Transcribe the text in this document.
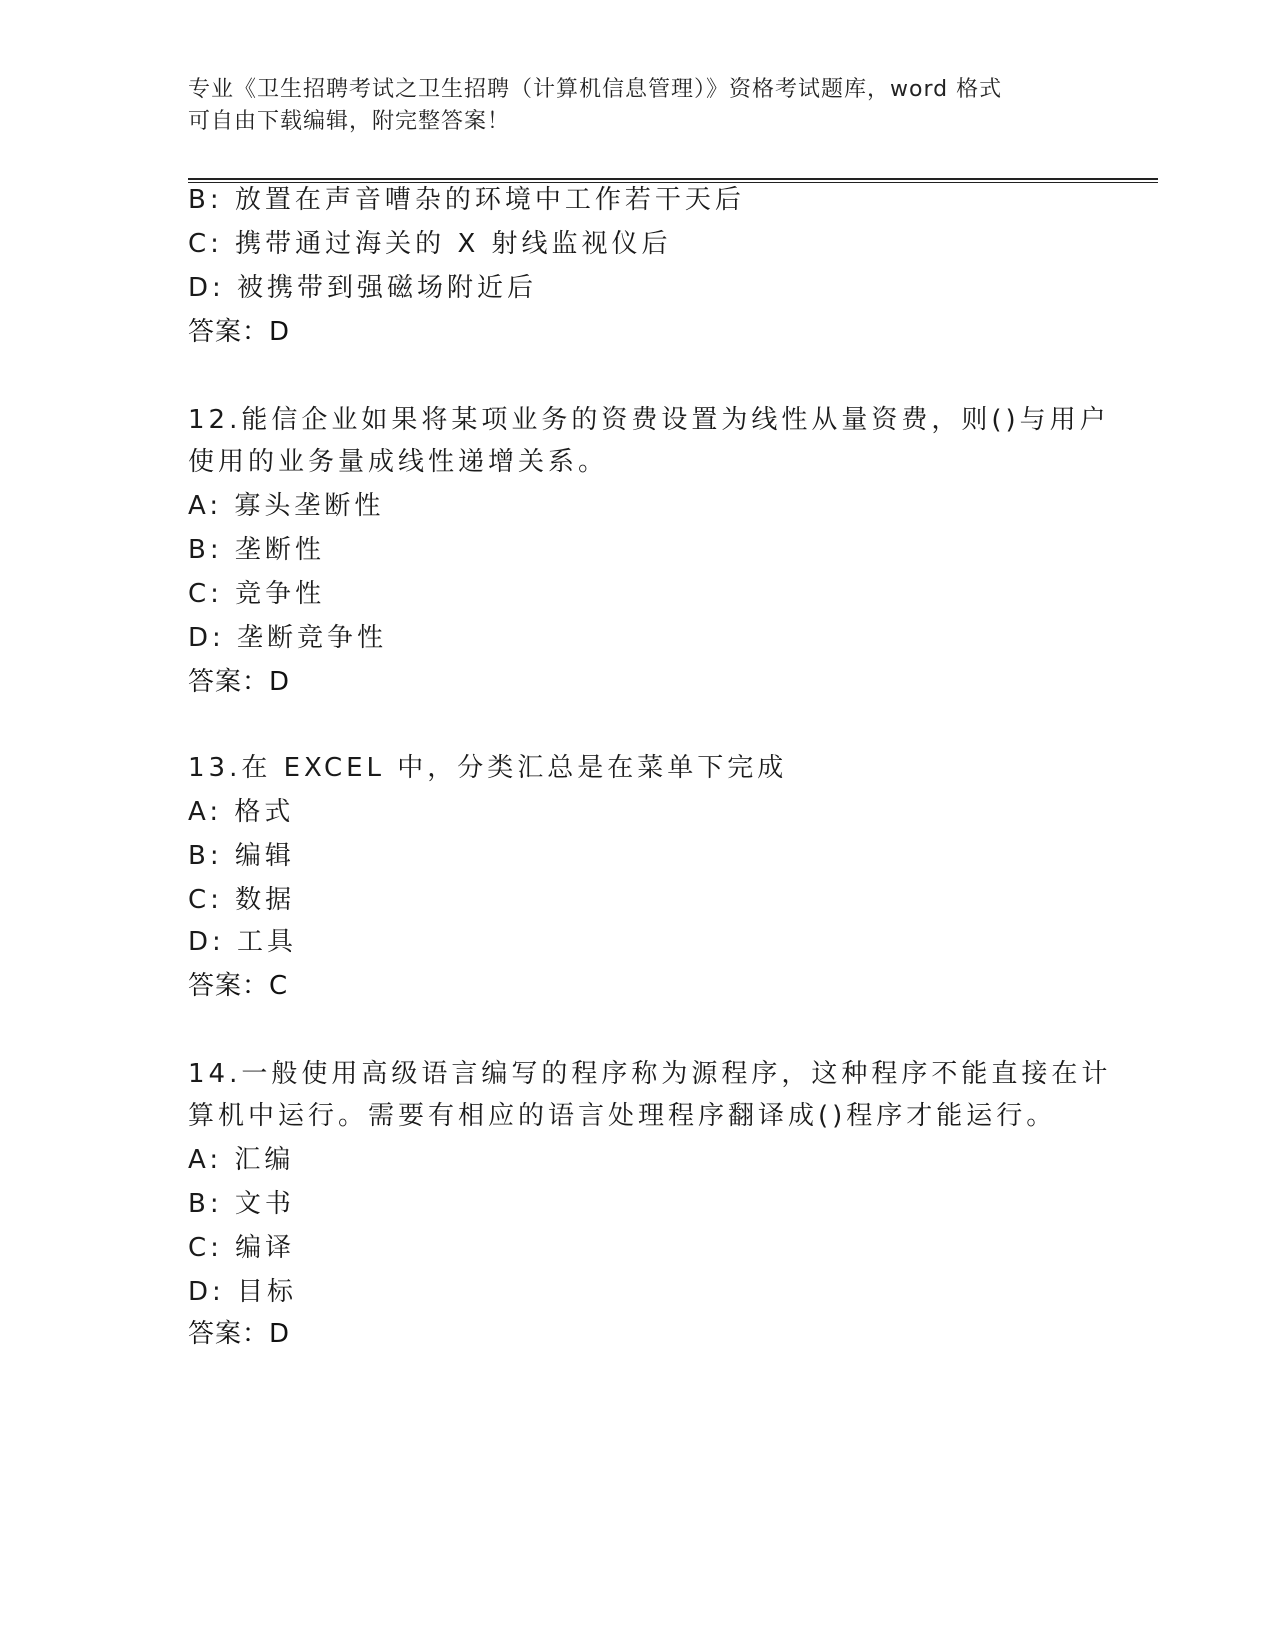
专业《卫生招聘考试之卫生招聘（计算机信息管理）》资格考试题库，word 格式
可自由下载编辑，附完整答案！
B: 放置在声音嘈杂的环境中工作若干天后
C: 携带通过海关的 X 射线监视仪后
D: 被携带到强磁场附近后
答案：D
12.能信企业如果将某项业务的资费设置为线性从量资费，则()与用户
使用的业务量成线性递增关系。
A: 寡头垄断性
B: 垄断性
C: 竞争性
D: 垄断竞争性
答案：D
13.在 EXCEL 中，分类汇总是在菜单下完成
A: 格式
B: 编辑
C: 数据
D: 工具
答案：C
14.一般使用高级语言编写的程序称为源程序，这种程序不能直接在计
算机中运行。需要有相应的语言处理程序翻译成()程序才能运行。
A: 汇编
B: 文书
C: 编译
D: 目标
答案：D
